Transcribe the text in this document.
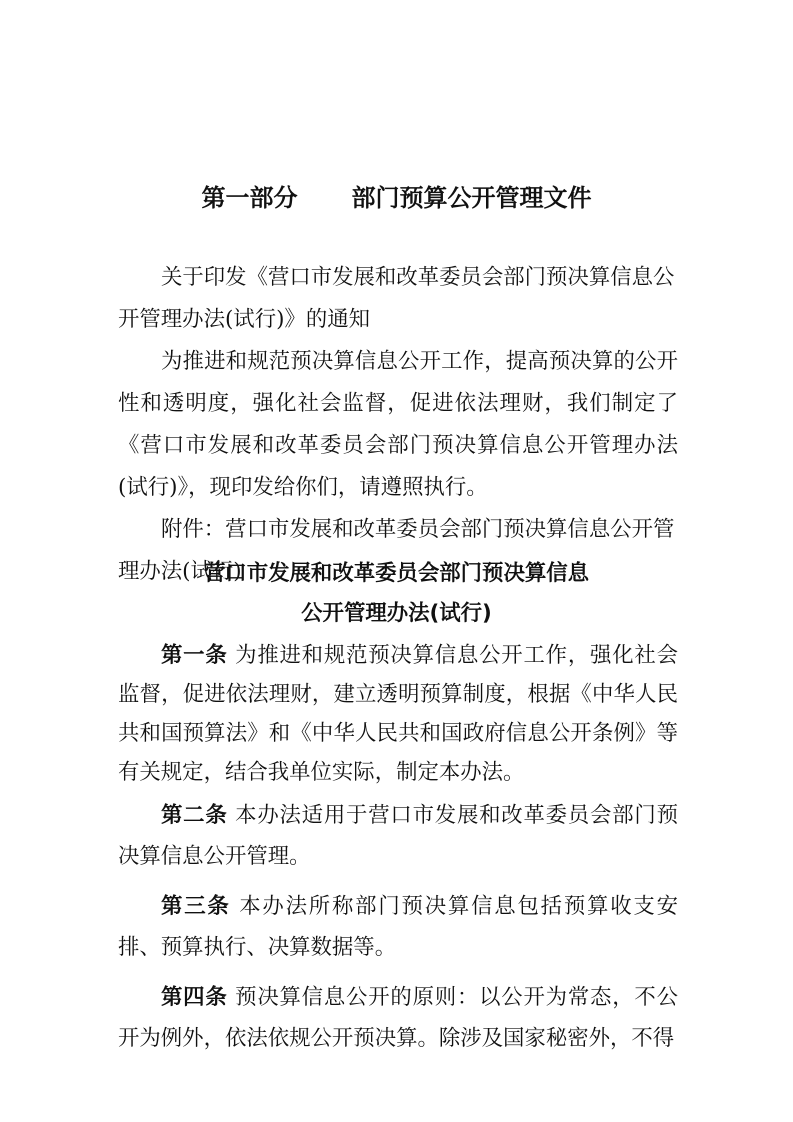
第一部分 部门预算公开管理文件

关于印发《营口市发展和改革委员会部门预决算信息公开管理办法(试行)》的通知

为推进和规范预决算信息公开工作，提高预决算的公开性和透明度，强化社会监督，促进依法理财，我们制定了《营口市发展和改革委员会部门预决算信息公开管理办法(试行)》，现印发给你们，请遵照执行。

附件：营口市发展和改革委员会部门预决算信息公开管理办法(试行)

营口市发展和改革委员会部门预决算信息
公开管理办法(试行)

第一条 为推进和规范预决算信息公开工作，强化社会监督，促进依法理财，建立透明预算制度，根据《中华人民共和国预算法》和《中华人民共和国政府信息公开条例》等有关规定，结合我单位实际，制定本办法。

第二条 本办法适用于营口市发展和改革委员会部门预决算信息公开管理。

第三条 本办法所称部门预决算信息包括预算收支安排、预算执行、决算数据等。

第四条 预决算信息公开的原则：以公开为常态，不公开为例外，依法依规公开预决算。除涉及国家秘密外，不得
